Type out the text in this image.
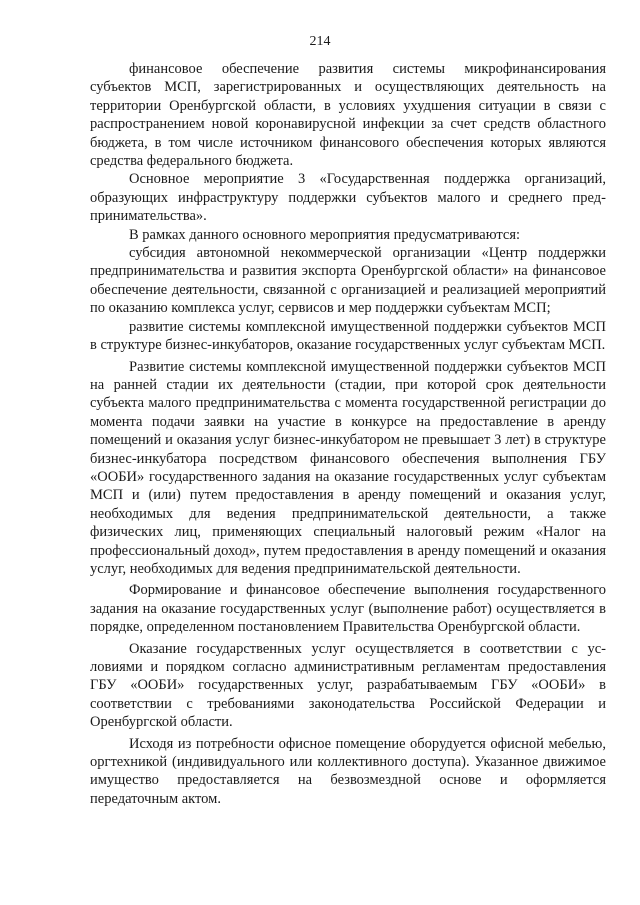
214

финансовое обеспечение развития системы микрофинансирования субъектов МСП, зарегистрированных и осуществляющих деятельность на территории Оренбургской области, в условиях ухудшения ситуации в связи с распространением новой коронавирусной инфекции за счет средств областного бюджета, в том числе источником финансового обеспечения которых являются средства федерального бюджета.

Основное мероприятие 3 «Государственная поддержка организаций, образующих инфраструктуру поддержки субъектов малого и среднего предпринимательства».

В рамках данного основного мероприятия предусматриваются:

субсидия автономной некоммерческой организации «Центр поддержки предпринимательства и развития экспорта Оренбургской области» на финансовое обеспечение деятельности, связанной с организацией и реализацией мероприятий по оказанию комплекса услуг, сервисов и мер поддержки субъектам МСП;

развитие системы комплексной имущественной поддержки субъектов МСП в структуре бизнес-инкубаторов, оказание государственных услуг субъектам МСП.

Развитие системы комплексной имущественной поддержки субъектов МСП на ранней стадии их деятельности (стадии, при которой срок деятельности субъекта малого предпринимательства с момента государственной регистрации до момента подачи заявки на участие в конкурсе на предоставление в аренду помещений и оказания услуг бизнес-инкубатором не превышает 3 лет) в структуре бизнес-инкубатора посредством финансового обеспечения выполнения ГБУ «ООБИ» государственного задания на оказание государственных услуг субъектам МСП и (или) путем предоставления в аренду помещений и оказания услуг, необходимых для ведения предпринимательской деятельности, а также физических лиц, применяющих специальный налоговый режим «Налог на профессиональный доход», путем предоставления в аренду помещений и оказания услуг, необходимых для ведения предпринимательской деятельности.

Формирование и финансовое обеспечение выполнения государственного задания на оказание государственных услуг (выполнение работ) осуществляется в порядке, определенном постановлением Правительства Оренбургской области.

Оказание государственных услуг осуществляется в соответствии с условиями и порядком согласно административным регламентам предоставления ГБУ «ООБИ» государственных услуг, разрабатываемым ГБУ «ООБИ» в соответствии с требованиями законодательства Российской Федерации и Оренбургской области.

Исходя из потребности офисное помещение оборудуется офисной мебелью, оргтехникой (индивидуального или коллективного доступа). Указанное движимое имущество предоставляется на безвозмездной основе и оформляется передаточным актом.
